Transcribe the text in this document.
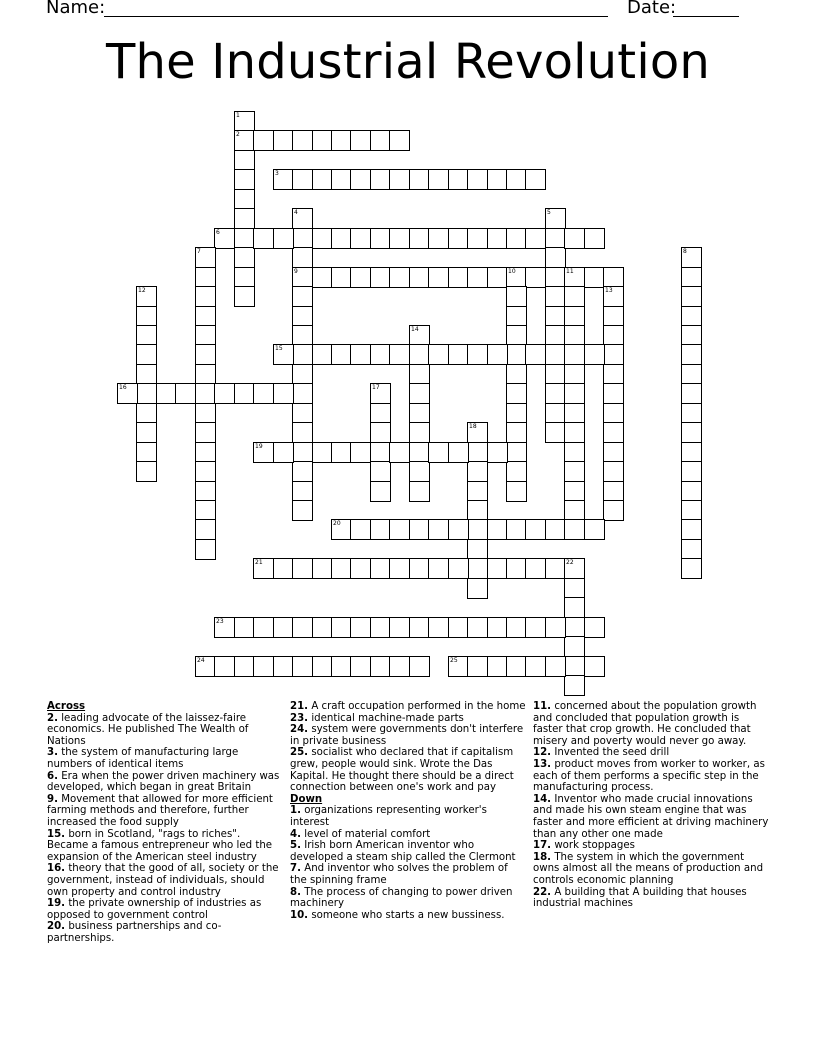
Name:	Date:
The Industrial Revolution
1
2
3
4
9
5
6
7	8
10	11
12	13
14
15
16	17
18
19
20
21	22
23
24	25
Across
2. leading advocate of the laissez-faire economics. He published The Wealth of Nations
3. the system of manufacturing large numbers of identical items
6. Era when the power driven machinery was developed, which began in great Britain
9. Movement that allowed for more efficient farming methods and therefore, further increased the food supply
15. born in Scotland, "rags to riches". Became a famous entrepreneur who led the expansion of the American steel industry
16. theory that the good of all, society or the government, instead of individuals, should own property and control industry
19. the private ownership of industries as opposed to government control
20. business partnerships and co-partnerships.
21. A craft occupation performed in the home
23. identical machine-made parts
24. system were governments don't interfere in private business
25. socialist who declared that if capitalism grew, people would sink. Wrote the Das Kapital. He thought there should be a direct connection between one's work and pay
Down
1. organizations representing worker's interest
4. level of material comfort
5. Irish born American inventor who developed a steam ship called the Clermont
7. And inventor who solves the problem of the spinning frame
8. The process of changing to power driven machinery
10. someone who starts a new bussiness.
11. concerned about the population growth and concluded that population growth is faster that crop growth. He concluded that misery and poverty would never go away.
12. Invented the seed drill
13. product moves from worker to worker, as each of them performs a specific step in the manufacturing process.
14. Inventor who made crucial innovations and made his own steam engine that was faster and more efficient at driving machinery than any other one made
17. work stoppages
18. The system in which the government owns almost all the means of production and controls economic planning
22. A building that A building that houses industrial machines
